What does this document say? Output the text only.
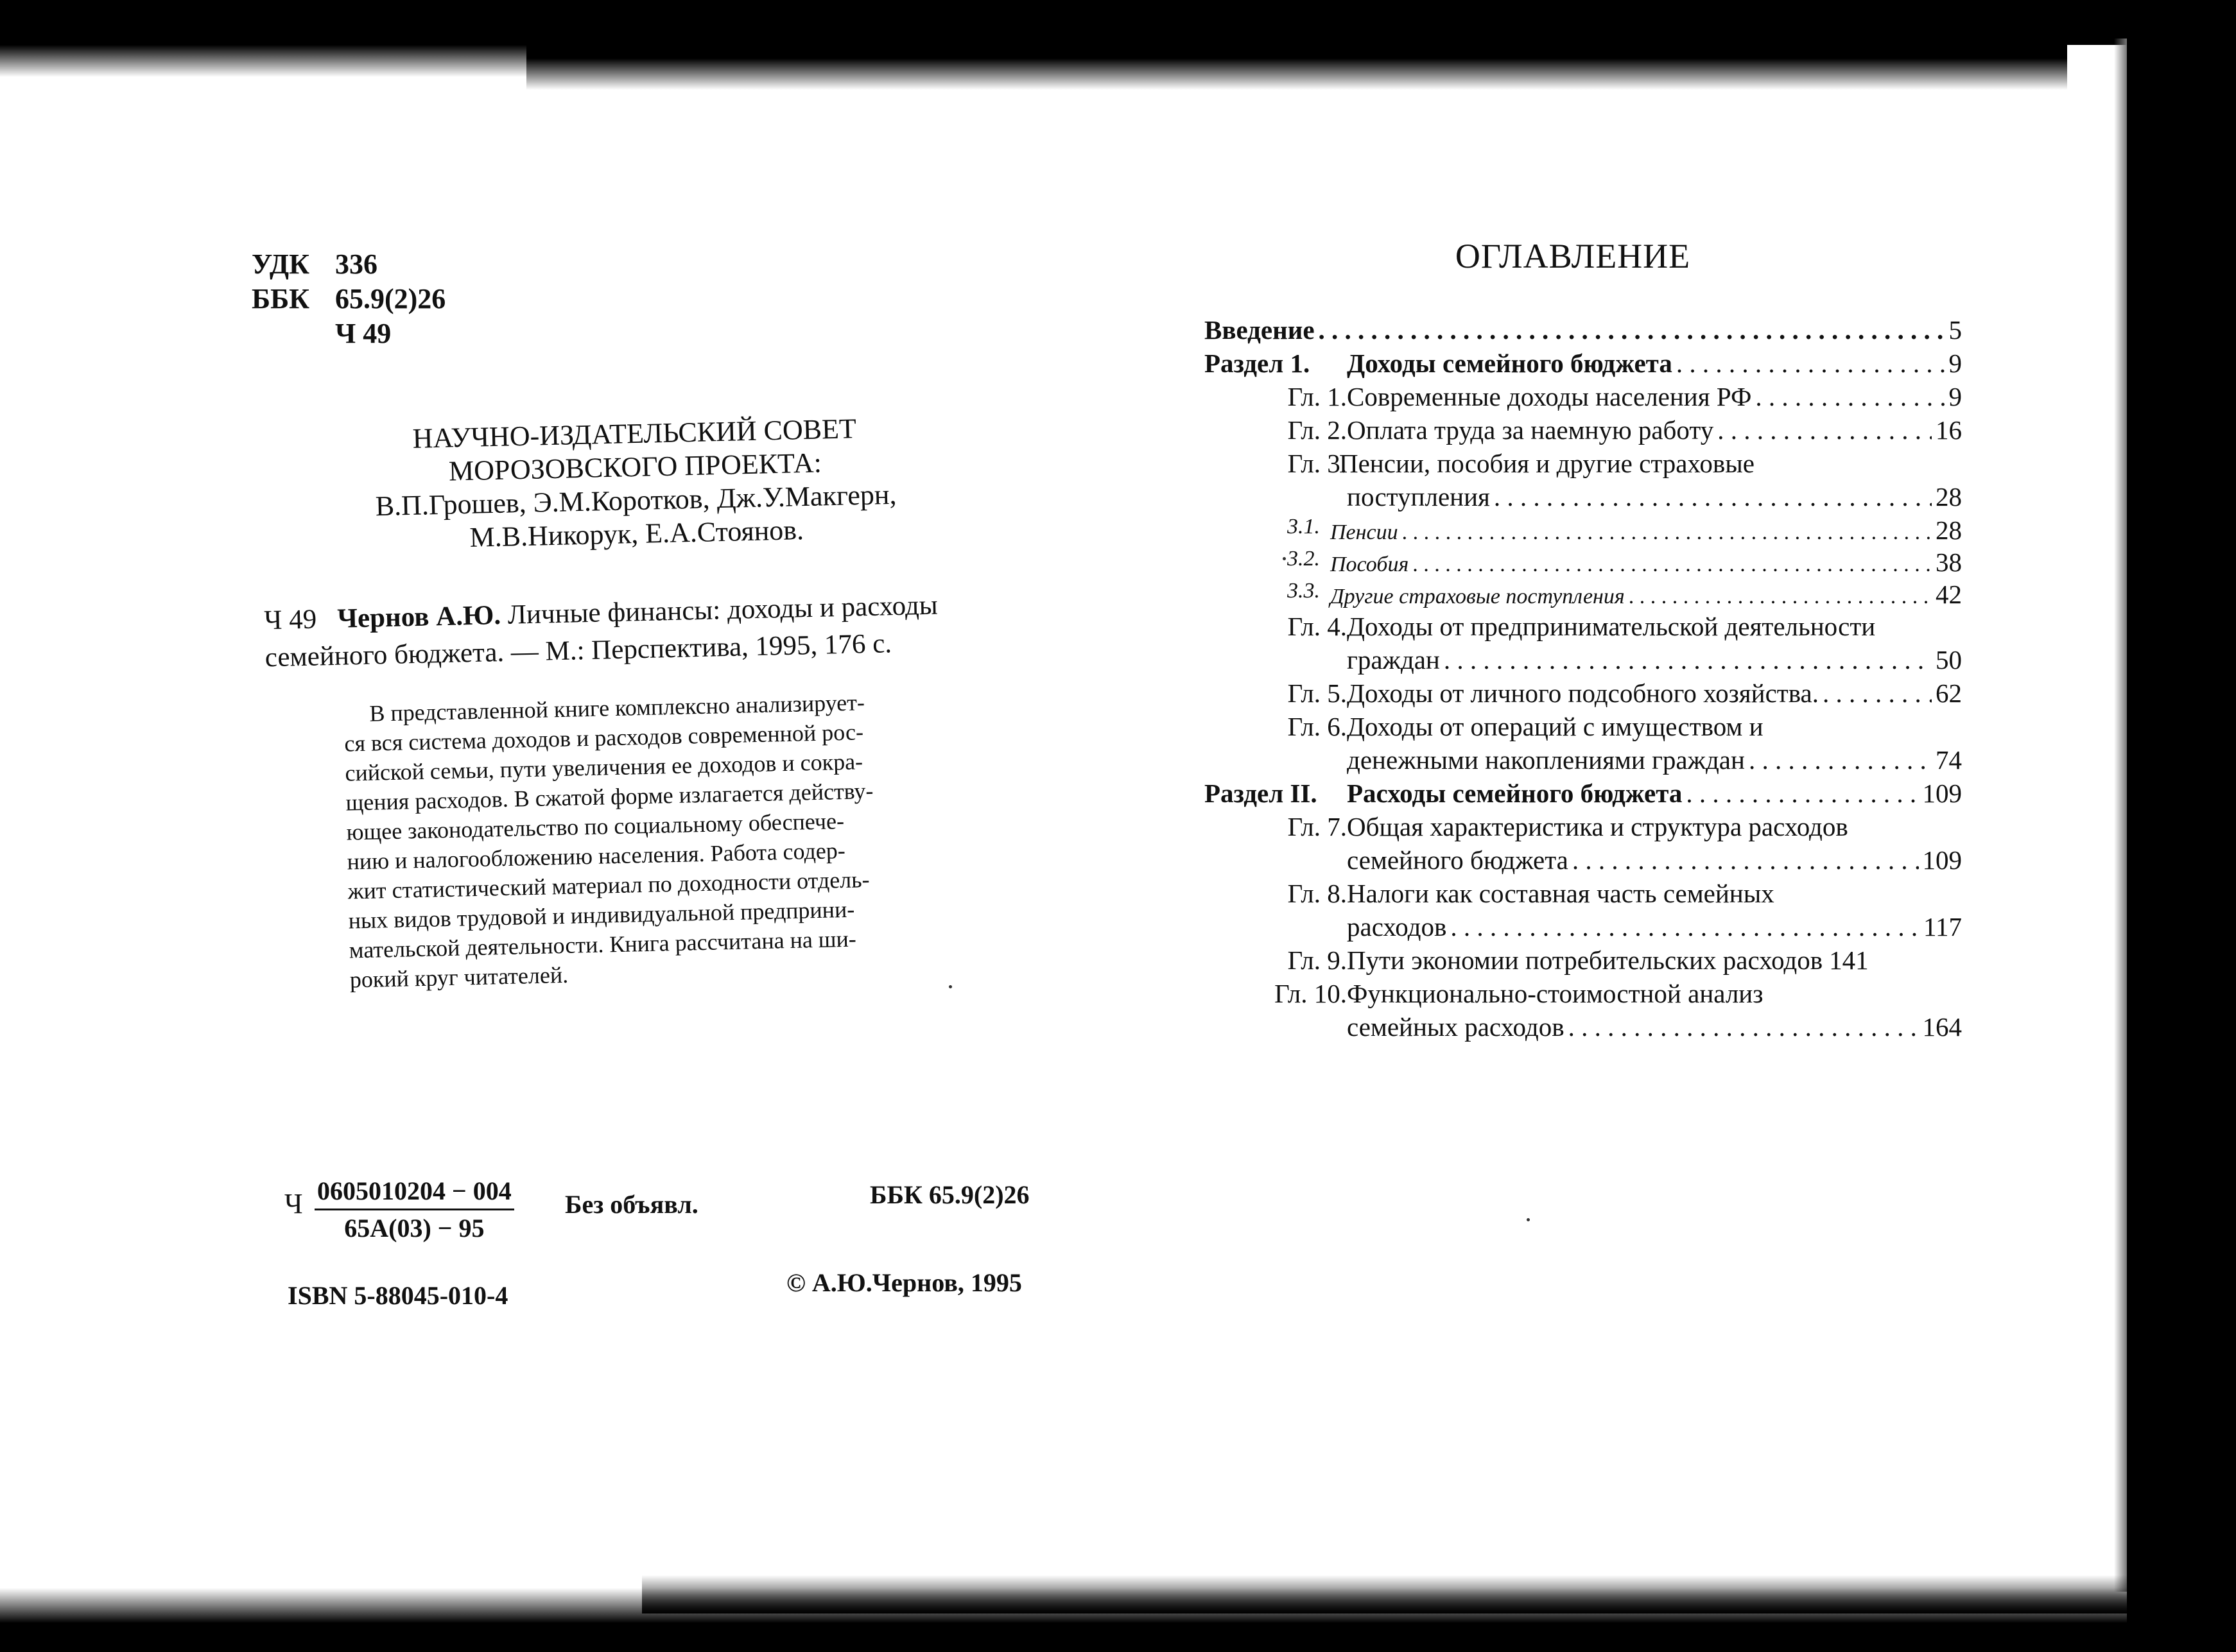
УДК 336
ББК 65.9(2)26
Ч 49
НАУЧНО-ИЗДАТЕЛЬСКИЙ СОВЕТ
МОРОЗОВСКОГО ПРОЕКТА:
В.П.Грошев, Э.М.Коротков, Дж.У.Макгерн,
М.В.Никорук, Е.А.Стоянов.
Ч 49 Чернов А.Ю. Личные финансы: доходы и расходы
семейного бюджета. — М.: Перспектива, 1995, 176 с.
В представленной книге комплексно анализирует-
ся вся система доходов и расходов современной рос-
сийской семьи, пути увеличения ее доходов и сокра-
щения расходов. В сжатой форме излагается действу-
ющее законодательство по социальному обеспече-
нию и налогообложению населения. Работа содер-
жит статистический материал по доходности отдель-
ных видов трудовой и индивидуальной предприни-
мательской деятельности. Книга рассчитана на ши-
рокий круг читателей.
Ч 0605010204 − 004
65А(03) − 95
Без объявл.	ББК 65.9(2)26
ISBN 5-88045-010-4	© А.Ю.Чернов, 1995
ОГЛАВЛЕНИЕ
Введение . . .	5
Раздел 1. Доходы семейного бюджета . . .	9
Гл. 1. Современные доходы населения РФ . . .	9
Гл. 2. Оплата труда за наемную работу . . .	16
Гл. 3.
Пенсии, пособия и другие страховые
поступления . . .	28
3.1. Пенсии . . .	28
3.2. Пособия . . .	38
3.3. Другие страховые поступления . . .	42
Гл. 4. Доходы от предпринимательской деятельности
граждан . . .	50
Гл. 5. Доходы от личного подсобного хозяйства. . . .	62
Гл. 6. Доходы от операций с имуществом и
денежными накоплениями граждан . . .	74
Раздел II. Расходы семейного бюджета . . .	109
Гл. 7. Общая характеристика и структура расходов
семейного бюджета . . .	109
Гл. 8. Налоги как составная часть семейных
расходов . . .	117
Гл. 9. Пути экономии потребительских расходов 141
Гл. 10. Функционально-стоимостной анализ
семейных расходов . . .	164
